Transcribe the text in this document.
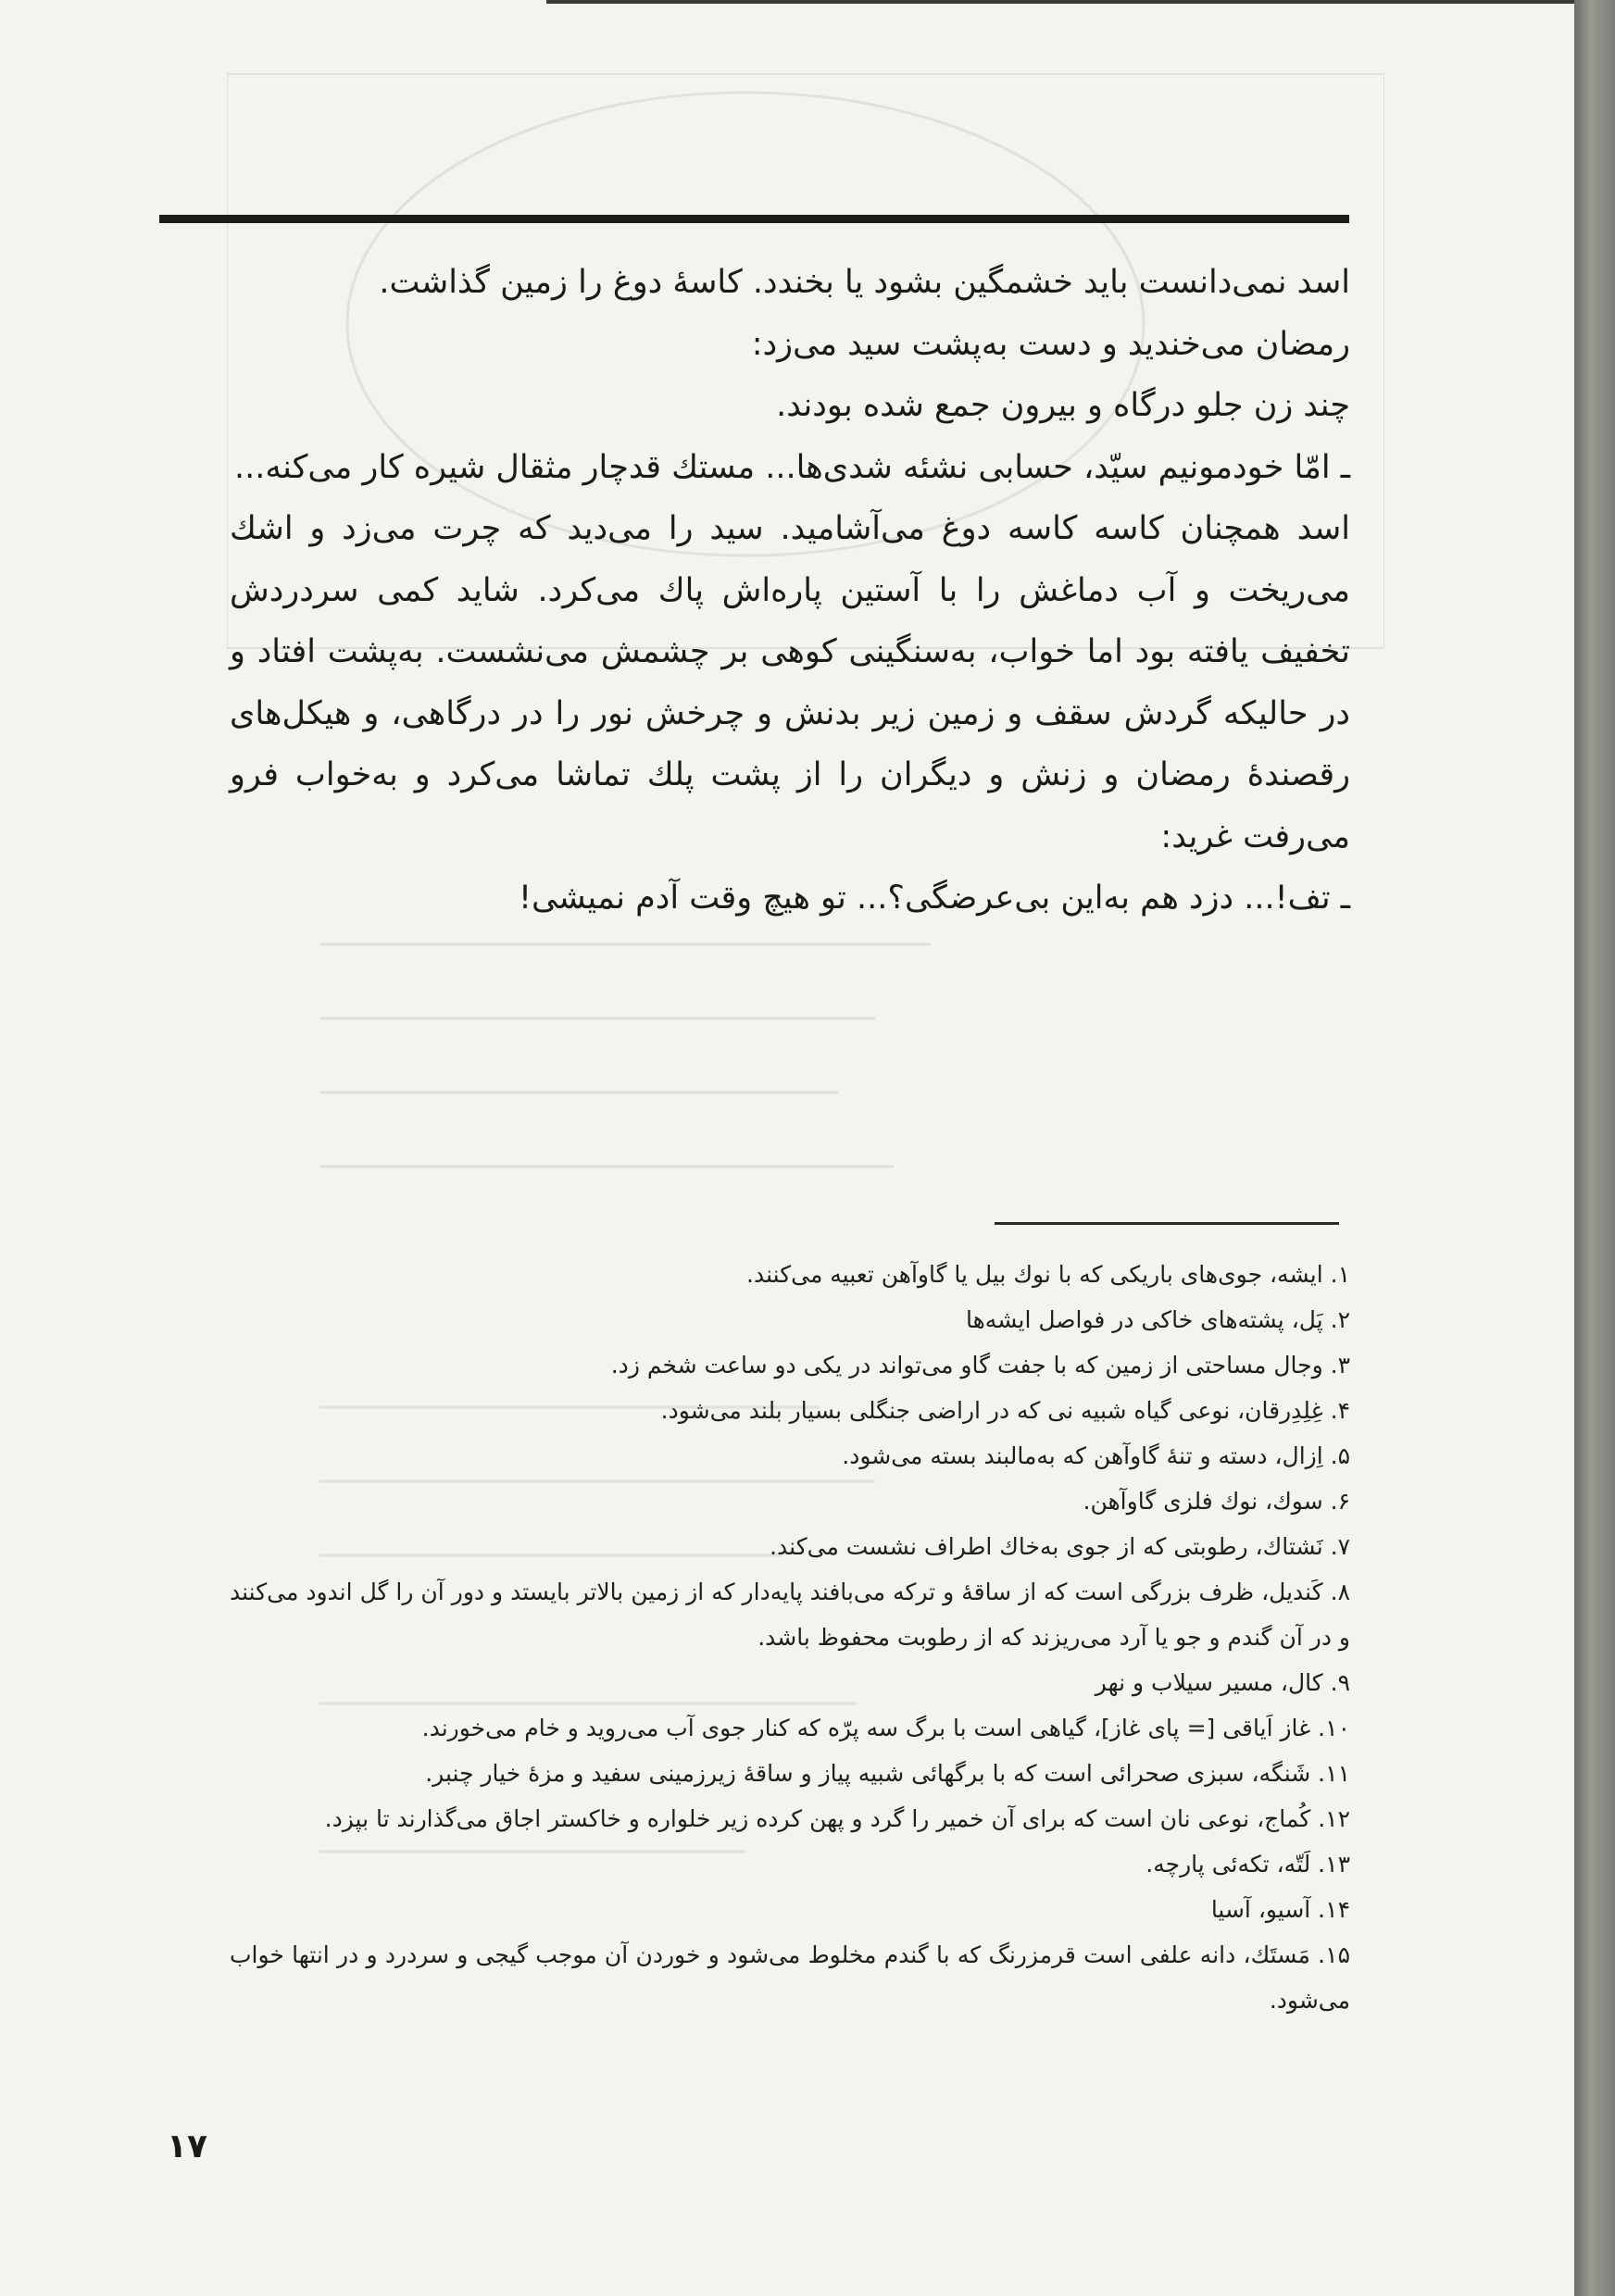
اسد نمی‌دانست باید خشمگین بشود یا بخندد. کاسهٔ دوغ را زمین گذاشت.

رمضان می‌خندید و دست به‌پشت سید می‌زد:

چند زن جلو درگاه و بیرون جمع شده بودند.

ـ امّا خودمونیم سیّد، حسابی نشئه شدی‌ها... مستك قدچار مثقال شیره کار می‌کنه...

اسد همچنان کاسه کاسه دوغ می‌آشامید. سید را می‌دید که چرت می‌زد و اشك می‌ریخت و آب دماغش را با آستین پاره‌اش پاك می‌کرد. شاید کمی سردردش تخفیف یافته بود اما خواب، به‌سنگینی کوهی بر چشمش می‌نشست. به‌پشت افتاد و در حالیکه گردش سقف و زمین زیر بدنش و چرخش نور را در درگاهی، و هیکل‌های رقصندهٔ رمضان و زنش و دیگران را از پشت پلك تماشا می‌کرد و به‌خواب فرو می‌رفت غرید:

ـ تف!... دزد هم به‌این بی‌عرضگی؟... تو هیچ وقت آدم نمیشی!

۱. ایشه، جوی‌های باریکی که با نوك بیل یا گاوآهن تعبیه می‌کنند.
۲. پَل، پشته‌های خاکی در فواصل ایشه‌ها
۳. وجال مساحتی از زمین که با جفت گاو می‌تواند در یکی دو ساعت شخم زد.
۴. غِلِدِرقان، نوعی گیاه شبیه نی که در اراضی جنگلی بسیار بلند می‌شود.
۵. اِزال، دسته و تنهٔ گاوآهن که به‌مالبند بسته می‌شود.
۶. سوك، نوك فلزی گاوآهن.
۷. نَشتاك، رطوبتی که از جوی به‌خاك اطراف نشست می‌کند.
۸. کَندیل، ظرف بزرگی است که از ساقهٔ و ترکه می‌بافند پایه‌دار که از زمین بالاتر بایستد و دور آن را گل اندود می‌کنند و در آن گندم و جو یا آرد می‌ریزند که از رطوبت محفوظ باشد.
۹. کال، مسیر سیلاب و نهر
۱۰. غاز اَیاقی [= پای غاز]، گیاهی است با برگ سه پرّه که کنار جوی آب می‌روید و خام می‌خورند.
۱۱. شَنگه، سبزی صحرائی است که با برگهائی شبیه پیاز و ساقهٔ زیرزمینی سفید و مزهٔ خیار چنبر.
۱۲. کُماج، نوعی نان است که برای آن خمیر را گرد و پهن کرده زیر خلواره و خاکستر اجاق می‌گذارند تا بپزد.
۱۳. لَتّه، تکه‌ئی پارچه.
۱۴. آسیو، آسیا
۱۵. مَستَك، دانه علفی است قرمزرنگ که با گندم مخلوط می‌شود و خوردن آن موجب گیجی و سردرد و در انتها خواب می‌شود.
۱۷
